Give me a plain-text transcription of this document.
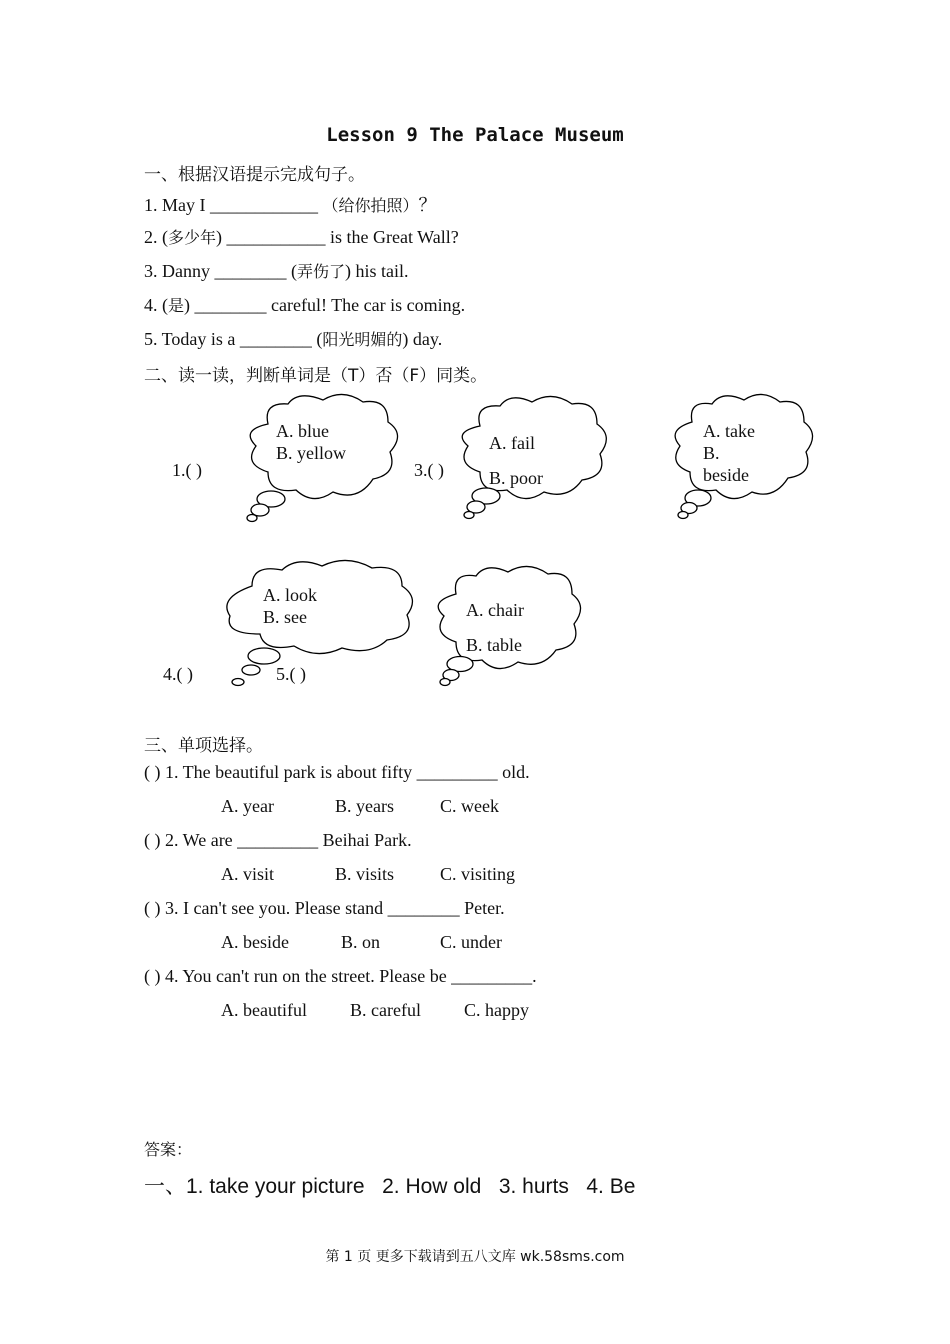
Lesson 9 The Palace Museum
一、根据汉语提示完成句子。
1. May I ____________ （给你拍照）？
2. (多少年) ___________ is the Great Wall?
3. Danny ________ (弄伤了) his tail.
4. (是) ________ careful! The car is coming.
5. Today is a ________ (阳光明媚的) day.
二、读一读，判断单词是（T）否（F）同类。
A. blue
B. yellow
1.( )
A. fail
B. poor
3.( )
A. take
B.
beside
A. look
B. see
4.( )
A. chair
B. table
5.( )
三、单项选择。
( ) 1. The beautiful park is about fifty _________ old.
A. year	B. years	C. week
( ) 2. We are _________ Beihai Park.
A. visit	B. visits	C. visiting
( ) 3. I can't see you. Please stand ________ Peter.
A. beside	B. on	C. under
( ) 4. You can't run on the street. Please be _________.
A. beautiful B. careful C. happy
答案：
一、1. take your picture   2. How old   3. hurts   4. Be
第 1 页 更多下载请到五八文库 wk.58sms.com
